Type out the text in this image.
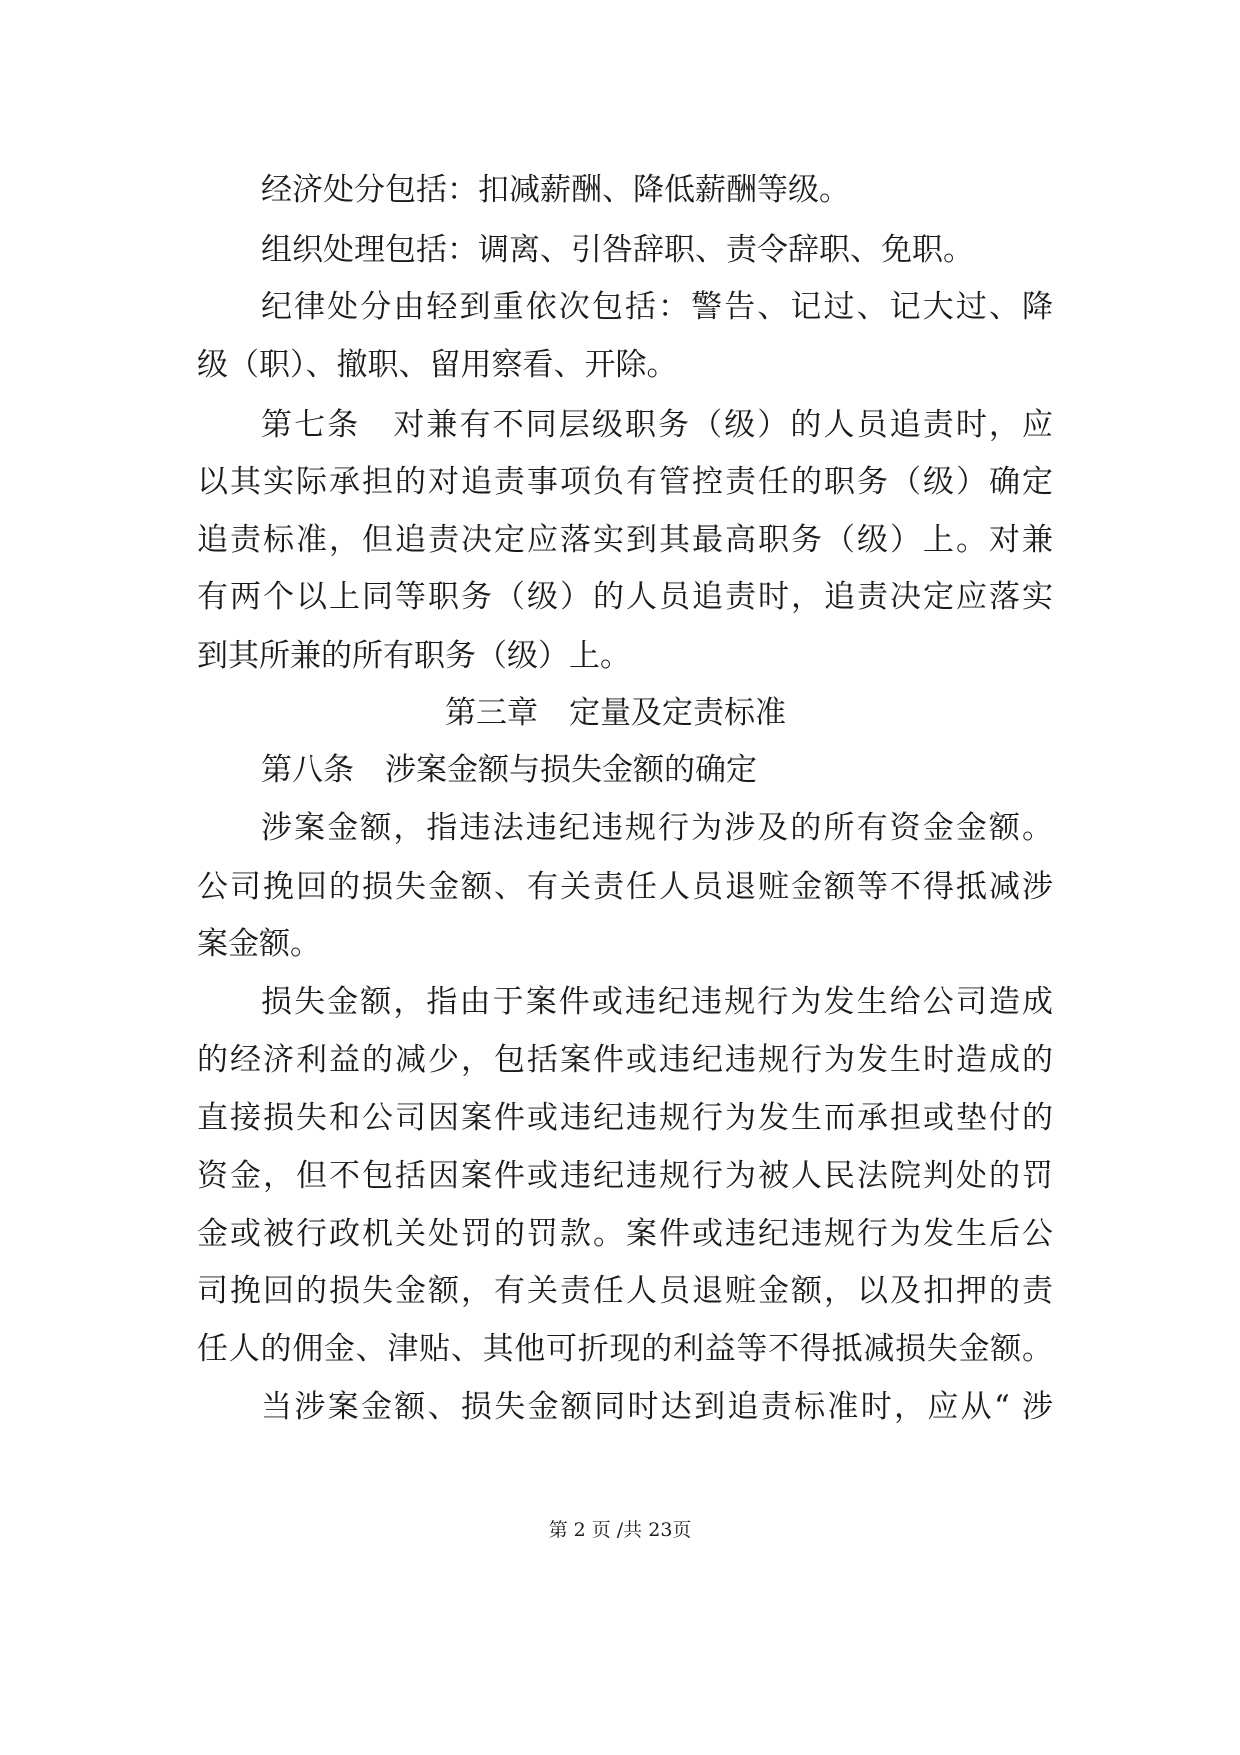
经济处分包括：扣减薪酬、降低薪酬等级。
组织处理包括：调离、引咎辞职、责令辞职、免职。
纪律处分由轻到重依次包括：警告、记过、记大过、降
级（职）、撤职、留用察看、开除。
第七条　对兼有不同层级职务（级）的人员追责时，应
以其实际承担的对追责事项负有管控责任的职务（级）确定
追责标准，但追责决定应落实到其最高职务（级）上。对兼
有两个以上同等职务（级）的人员追责时，追责决定应落实
到其所兼的所有职务（级）上。
第三章　定量及定责标准
第八条　涉案金额与损失金额的确定
涉案金额，指违法违纪违规行为涉及的所有资金金额。
公司挽回的损失金额、有关责任人员退赃金额等不得抵减涉
案金额。
损失金额，指由于案件或违纪违规行为发生给公司造成
的经济利益的减少，包括案件或违纪违规行为发生时造成的
直接损失和公司因案件或违纪违规行为发生而承担或垫付的
资金，但不包括因案件或违纪违规行为被人民法院判处的罚
金或被行政机关处罚的罚款。案件或违纪违规行为发生后公
司挽回的损失金额，有关责任人员退赃金额，以及扣押的责
任人的佣金、津贴、其他可折现的利益等不得抵减损失金额。
当涉案金额、损失金额同时达到追责标准时，应从“ 涉
第 2 页 /共 23页
